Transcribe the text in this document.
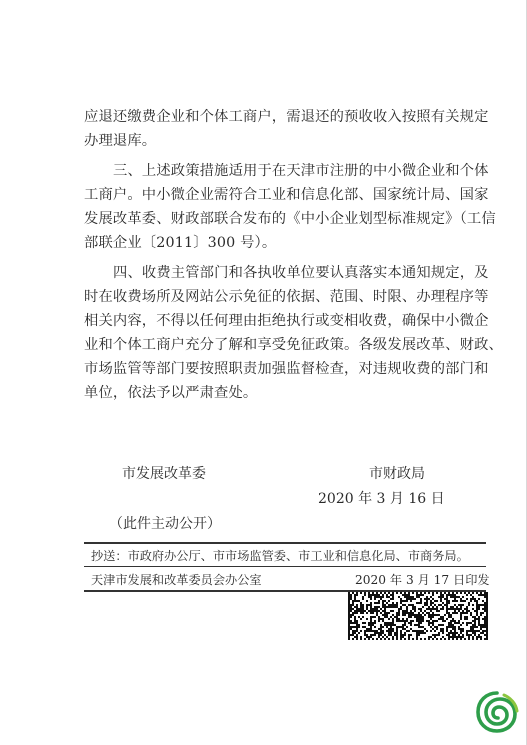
应退还缴费企业和个体工商户，需退还的预收收入按照有关规定
办理退库。
三、上述政策措施适用于在天津市注册的中小微企业和个体
工商户。中小微企业需符合工业和信息化部、国家统计局、国家
发展改革委、财政部联合发布的《中小企业划型标准规定》（工信
部联企业〔2011〕300 号）。
四、收费主管部门和各执收单位要认真落实本通知规定，及
时在收费场所及网站公示免征的依据、范围、时限、办理程序等
相关内容，不得以任何理由拒绝执行或变相收费，确保中小微企
业和个体工商户充分了解和享受免征政策。各级发展改革、财政、
市场监管等部门要按照职责加强监督检查，对违规收费的部门和
单位，依法予以严肃查处。
市发展改革委	市财政局
2020 年 3 月 16 日
（此件主动公开）
抄送：市政府办公厅、市市场监管委、市工业和信息化局、市商务局。
天津市发展和改革委员会办公室	2020 年 3 月 17 日印发
